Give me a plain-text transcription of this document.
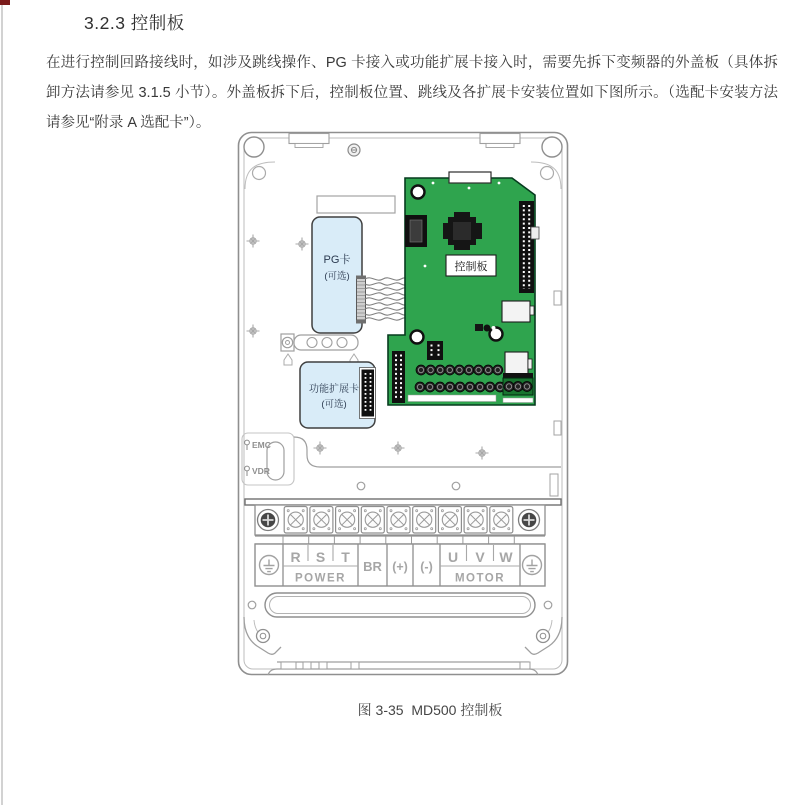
3.2.3 控制板

在进行控制回路接线时，如涉及跳线操作、PG 卡接入或功能扩展卡接入时，需要先拆下变频器的外盖板（具体拆卸方法请参见 3.1.5 小节）。外盖板拆下后，控制板位置、跳线及各扩展卡安装位置如下图所示。（选配卡安装方法请参见“附录 A 选配卡”）。

EMC
VDR
PG卡
(可选)
控制板
功能扩展卡
(可选)
R S T
POWER
BR (+) (-)
U V W
MOTOR
图 3-35  MD500 控制板
